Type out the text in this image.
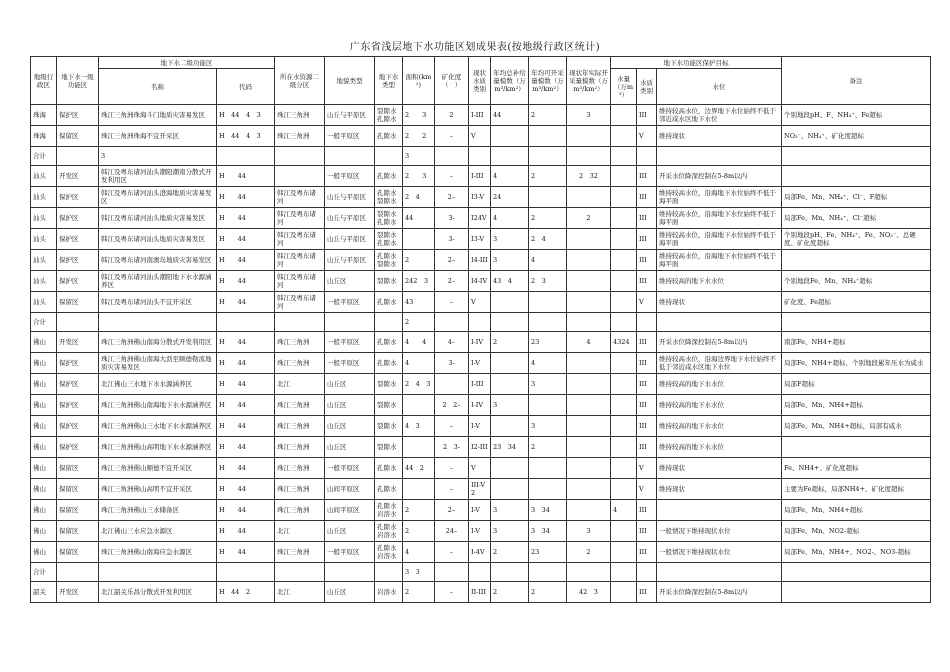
广东省浅层地下水功能区划成果表(按地级行政区统计)
地级行政区	地下水一级功能区	地下水二级功能区		所在水资源二级分区	地貌类型	地下水类型	面积(km²)	矿化度（　）	现状水质类别	年均总补给量模数（万m³/km²）	年均可开采量模数（万m³/km²）	现状年实际开采量模数（万m³/km²）	地下水功能区保护目标			备注
		名称	代码										水量（万m³）	水质类别	水位	
珠海	保护区	珠江三角洲珠海斗门地质灾害易发区	H　44　4　3	珠江三角洲	山丘与平原区	裂隙水孔隙水	2　　3	2	I-III	44	2	3		III	维持较高水位，边界地下水位始终不低于邻近咸水区地下水位	个别地段pH、F、NH₄⁺、Fe超标
珠海	保留区	珠江三角洲珠海不宜开采区	H　44　4　3	珠江三角洲	一般平原区	孔隙水	2　　2	–	V					V	维持现状	NO₃⁻、NH₄⁺、矿化度超标
合计		3					3									
汕头	开发区	韩江及粤东诸河汕头潮阳潮南分散式开发利用区	H　　44		一般平原区	孔隙水	2　　3	–	I-III	4	2	2　32		III	开采水位降深控制在5-8m以内	
汕头	保护区	韩江及粤东诸河汕头澄海地质灾害易发区	H　　44	韩江及粤东诸河	山丘与平原区	孔隙水裂隙水	2　4	2–	I3-V	24				III	维持较高水位，沿海地下水位始终不低于海平面	局部Fe、Mn、NH₄⁺、Cl⁻、F超标
汕头	保护区	韩江及粤东诸河汕头地质灾害易发区	H　　44	韩江及粤东诸河	山丘与平原区	裂隙水孔隙水	44	3-	I24V	4	2	2		III	维持较高水位，沿海地下水位始终不低于海平面	局部Fe、Mn、NH₄⁺、Cl⁻超标
汕头	保护区	韩江及粤东诸河汕头地质灾害易发区	H　　44	韩江及粤东诸河	山丘与平原区	裂隙水孔隙水		3-	I3-V	3	2　4			III	维持较高水位，沿海地下水位始终不低于海平面	个别地段pH、Fe、NH₄⁺、Fe、NO₃⁻、总硬度、矿化度超标
汕头	保护区	韩江及粤东诸河南澳岛地质灾害易发区	H　　44	韩江及粤东诸河	山丘与平原区	孔隙水裂隙水	2	2–	I4-III	3	4			III	维持较高水位，沿海地下水位始终不低于海平面	
汕头	保护区	韩江及粤东诸河汕头潮阳地下水水源涵养区	H　　44	韩江及粤东诸河	山丘区	裂隙水	242　3	2–	I4-IV	43　4	2　3			III	维持较高的地下水水位	个别地段Fe、Mn、NH₄⁺超标
汕头	保留区	韩江及粤东诸河汕头不宜开采区	H　　44	韩江及粤东诸河	一般平原区	孔隙水	43	–	V					V	维持现状	矿化度、Fe超标
合计							2									
佛山	开发区	珠江三角洲佛山南海分散式开发利用区	H　　44	珠江三角洲	一般平原区	孔隙水	4　　4	4–	I-IV	2	23	4	4324	III	开采水位降深控制在5-8m以内	南部Fe、NH4+超标
佛山	保护区	珠江三角洲佛山南海大沥至顺德勒流地质灾害易发区	H　　44	珠江三角洲	一般平原区	孔隙水	4	3-	I-V		4			III	维持较高水位，沿海边界地下水位始终不低于邻近咸水区地下水位	局部Fe、NH4+超标，个别地段累年压水为咸水
佛山	保护区	北江佛山三水地下水水源涵养区	H　　44	北江	山丘区	裂隙水	2　4　3		I-III		3			III	维持较高的地下水水位	局部F超标
佛山	保护区	珠江三角洲佛山南海地下水水源涵养区	H　　44	珠江三角洲	山丘区	裂隙水		2　2–	I-IV	3				III	维持较高的地下水水位	局部Fe、Mn、NH4+超标
佛山	保护区	珠江三角洲佛山三水地下水水源涵养区	H　　44	珠江三角洲	山丘区	裂隙水	4　3	–	I-V		3			III	维持较高的地下水水位	局部Fe、Mn、NH4+超标，局部有咸水
佛山	保护区	珠江三角洲佛山高明地下水水源涵养区	H　　44	珠江三角洲	山丘区	裂隙水		2　3-	I2-III	23　34	2			III	维持较高的地下水水位	
佛山	保留区	珠江三角洲佛山顺德不宜开采区	H　　44	珠江三角洲	一般平原区	孔隙水	44　2	–	V					V	维持现状	Fe、NH4+、矿化度超标
佛山	保留区	珠江三角洲佛山高明不宜开采区	H　　44	珠江三角洲	山间平原区	孔隙水		–	III-V2					V	维持现状	主要为Fe超标，局部NH4+、矿化度超标
佛山	保留区	珠江三角洲佛山三水储备区	H　　44	珠江三角洲	山间平原区	孔隙水岩溶水	2	2–	I-V	3	3　34		4	III		局部Fe、Mn、NH4+超标
佛山	保留区	北江佛山三水应急水源区	H　　44	北江	山丘区	孔隙水岩溶水	2	24–	I-V	3	3　34	3		III	一般情况下维持现状水位	局部Fe、Mn、NO2-超标
佛山	保留区	珠江三角洲佛山南海应急水源区	H　　44	珠江三角洲	一般平原区	孔隙水岩溶水	4	–	I-4V	2	23	2		III	一般情况下维持现状水位	局部Fe、Mn、NH4+、NO2-、NO3-超标
合计							3　3									
韶关	开发区	北江韶关乐昌分散式开发利用区	H　44　2	北江	山丘区	岩溶水	2	–	II-III	2	2	42　3		III	开采水位降深控制在5-8m以内	
